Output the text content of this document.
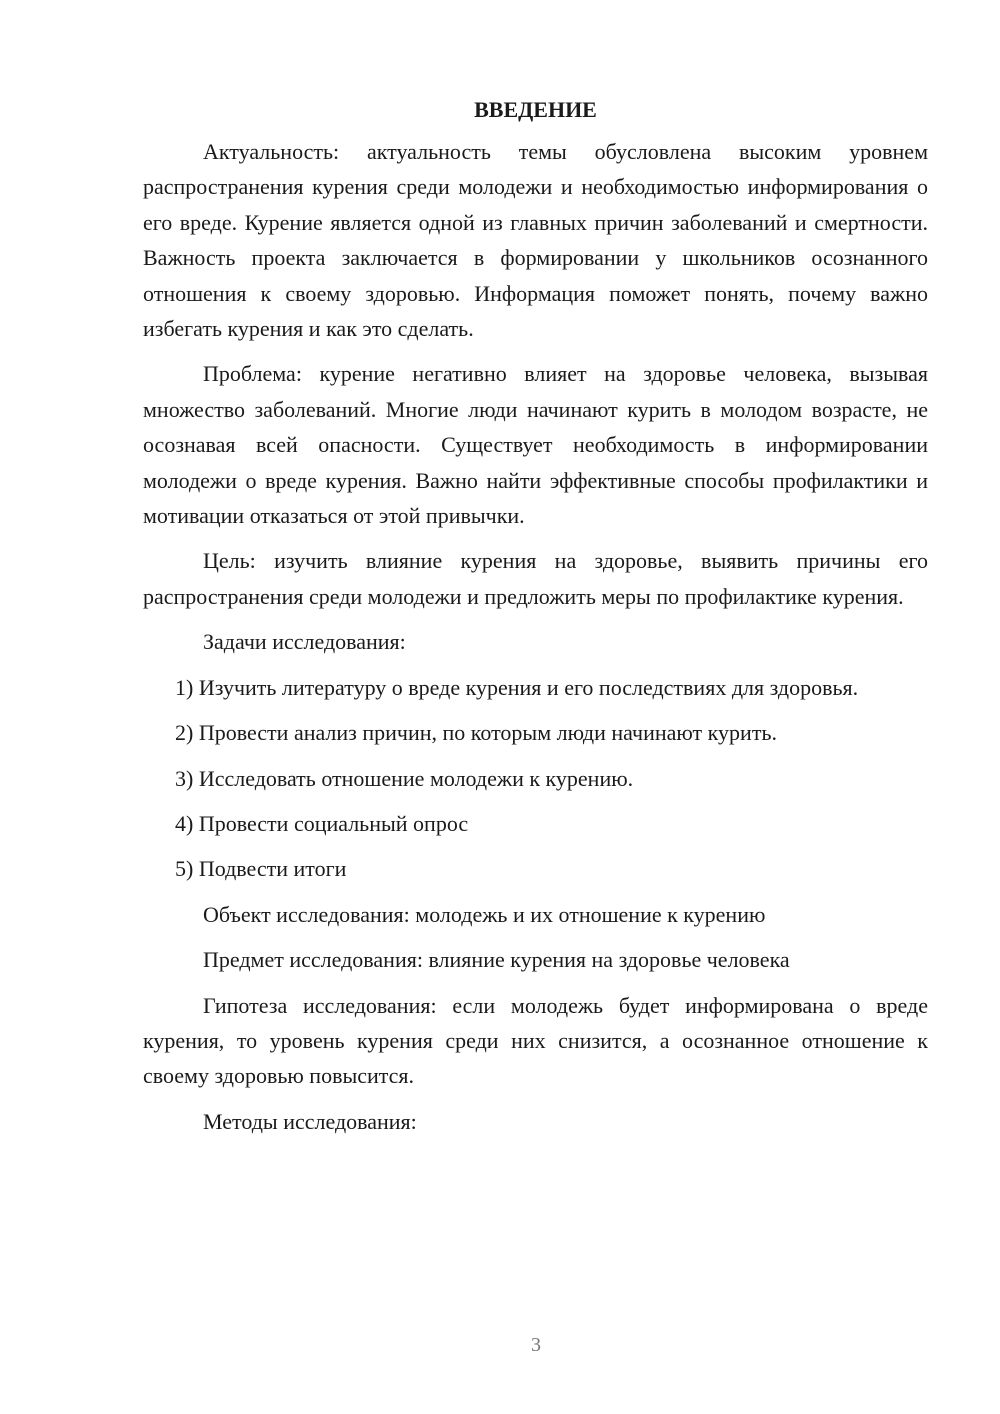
ВВЕДЕНИЕ

Актуальность: актуальность темы обусловлена высоким уровнем распространения курения среди молодежи и необходимостью информирования о его вреде. Курение является одной из главных причин заболеваний и смертности. Важность проекта заключается в формировании у школьников осознанного отношения к своему здоровью. Информация поможет понять, почему важно избегать курения и как это сделать.

Проблема: курение негативно влияет на здоровье человека, вызывая множество заболеваний. Многие люди начинают курить в молодом возрасте, не осознавая всей опасности. Существует необходимость в информировании молодежи о вреде курения. Важно найти эффективные способы профилактики и мотивации отказаться от этой привычки.

Цель: изучить влияние курения на здоровье, выявить причины его распространения среди молодежи и предложить меры по профилактике курения.

Задачи исследования:

1) Изучить литературу о вреде курения и его последствиях для здоровья.

2) Провести анализ причин, по которым люди начинают курить.

3) Исследовать отношение молодежи к курению.

4) Провести социальный опрос

5) Подвести итоги

Объект исследования: молодежь и их отношение к курению

Предмет исследования: влияние курения на здоровье человека

Гипотеза исследования: если молодежь будет информирована о вреде курения, то уровень курения среди них снизится, а осознанное отношение к своему здоровью повысится.

Методы исследования:

3
